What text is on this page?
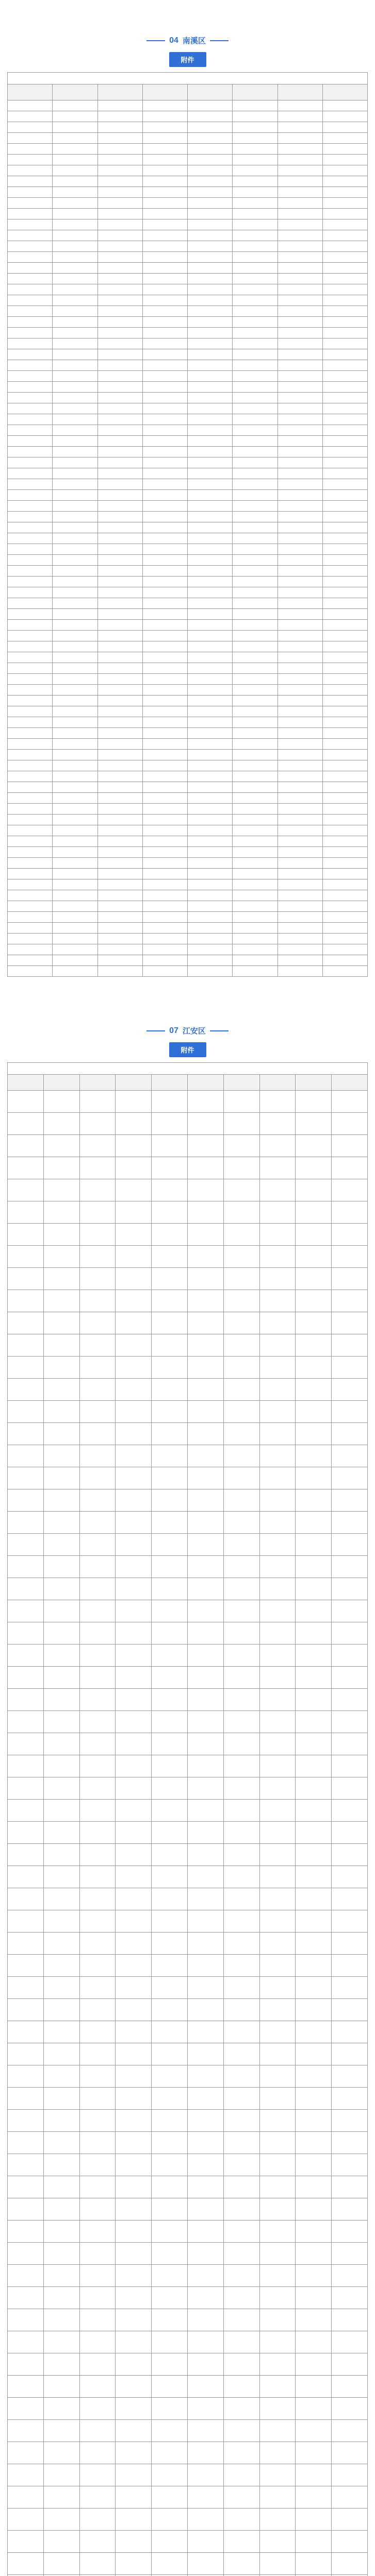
04 南溪区
附件

07 江安区
附件
